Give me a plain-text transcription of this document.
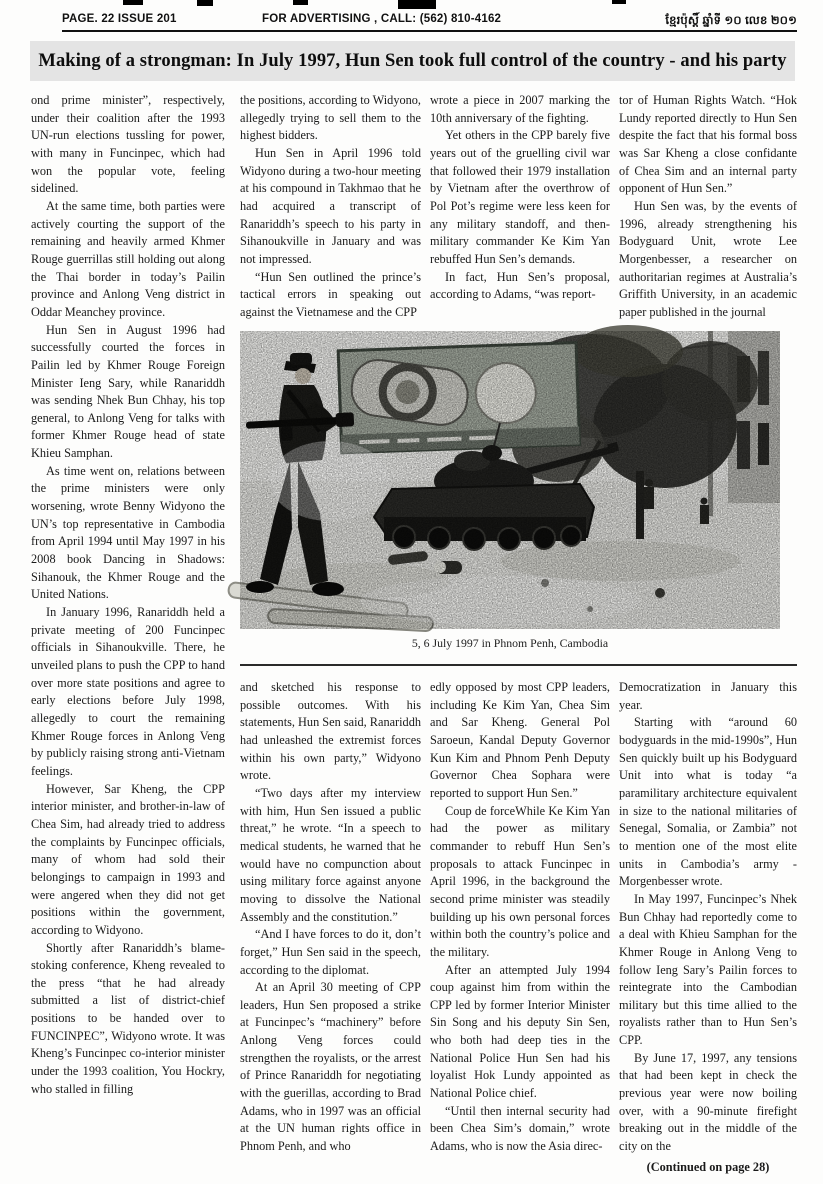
PAGE. 22 ISSUE 201	FOR ADVERTISING , CALL: (562) 810-4162	ខ្មែរប៉ុស្តិ៍ ឆ្នាំទី ១០ លេខ ២០១
Making of a strongman: In July 1997, Hun Sen took full control of the country - and his party

ond prime minister”, respectively, under their coalition after the 1993 UN-run elections tussling for power, with many in Funcinpec, which had won the popular vote, feeling sidelined.

At the same time, both parties were actively courting the support of the remaining and heavily armed Khmer Rouge guerrillas still holding out along the Thai border in today’s Pailin province and Anlong Veng district in Oddar Meanchey province.

Hun Sen in August 1996 had successfully courted the forces in Pailin led by Khmer Rouge Foreign Minister Ieng Sary, while Ranariddh was sending Nhek Bun Chhay, his top general, to Anlong Veng for talks with former Khmer Rouge head of state Khieu Samphan.

As time went on, relations between the prime ministers were only worsening, wrote Benny Widyono the UN’s top representative in Cambodia from April 1994 until May 1997 in his 2008 book Dancing in Shadows: Sihanouk, the Khmer Rouge and the United Nations.

In January 1996, Ranariddh held a private meeting of 200 Funcinpec officials in Sihanoukville. There, he unveiled plans to push the CPP to hand over more state positions and agree to early elections before July 1998, allegedly to court the remaining Khmer Rouge forces in Anlong Veng by publicly raising strong anti-Vietnam feelings.

However, Sar Kheng, the CPP interior minister, and brother-in-law of Chea Sim, had already tried to address the complaints by Funcinpec officials, many of whom had sold their belongings to campaign in 1993 and were angered when they did not get positions within the government, according to Widyono.

Shortly after Ranariddh’s blame-stoking conference, Kheng revealed to the press “that he had already submitted a list of district-chief positions to be handed over to FUNCINPEC”, Widyono wrote. It was Kheng’s Funcinpec co-interior minister under the 1993 coalition, You Hockry, who stalled in filling

the positions, according to Widyono, allegedly trying to sell them to the highest bidders.

Hun Sen in April 1996 told Widyono during a two-hour meeting at his compound in Takhmao that he had acquired a transcript of Ranariddh’s speech to his party in Sihanoukville in January and was not impressed.

“Hun Sen outlined the prince’s tactical errors in speaking out against the Vietnamese and the CPP

wrote a piece in 2007 marking the 10th anniversary of the fighting.

Yet others in the CPP barely five years out of the gruelling civil war that followed their 1979 installation by Vietnam after the overthrow of Pol Pot’s regime were less keen for any military standoff, and then-military commander Ke Kim Yan rebuffed Hun Sen’s demands.

In fact, Hun Sen’s proposal, according to Adams, “was report-

tor of Human Rights Watch. “Hok Lundy reported directly to Hun Sen despite the fact that his formal boss was Sar Kheng a close confidante of Chea Sim and an internal party opponent of Hun Sen.”

Hun Sen was, by the events of 1996, already strengthening his Bodyguard Unit, wrote Lee Morgenbesser, a researcher on authoritarian regimes at Australia’s Griffith University, in an academic paper published in the journal

5, 6 July 1997 in Phnom Penh, Cambodia

and sketched his response to possible outcomes. With his statements, Hun Sen said, Ranariddh had unleashed the extremist forces within his own party,” Widyono wrote.

“Two days after my interview with him, Hun Sen issued a public threat,” he wrote. “In a speech to medical students, he warned that he would have no compunction about using military force against anyone moving to dissolve the National Assembly and the constitution.”

“And I have forces to do it, don’t forget,” Hun Sen said in the speech, according to the diplomat.

At an April 30 meeting of CPP leaders, Hun Sen proposed a strike at Funcinpec’s “machinery” before Anlong Veng forces could strengthen the royalists, or the arrest of Prince Ranariddh for negotiating with the guerillas, according to Brad Adams, who in 1997 was an official at the UN human rights office in Phnom Penh, and who

edly opposed by most CPP leaders, including Ke Kim Yan, Chea Sim and Sar Kheng. General Pol Saroeun, Kandal Deputy Governor Kun Kim and Phnom Penh Deputy Governor Chea Sophara were reported to support Hun Sen.”

Coup de forceWhile Ke Kim Yan had the power as military commander to rebuff Hun Sen’s proposals to attack Funcinpec in April 1996, in the background the second prime minister was steadily building up his own personal forces within both the country’s police and the military.

After an attempted July 1994 coup against him from within the CPP led by former Interior Minister Sin Song and his deputy Sin Sen, who both had deep ties in the National Police Hun Sen had his loyalist Hok Lundy appointed as National Police chief.

“Until then internal security had been Chea Sim’s domain,” wrote Adams, who is now the Asia direc-

Democratization in January this year.

Starting with “around 60 bodyguards in the mid-1990s”, Hun Sen quickly built up his Bodyguard Unit into what is today “a paramilitary architecture equivalent in size to the national militaries of Senegal, Somalia, or Zambia” not to mention one of the most elite units in Cambodia’s army - Morgenbesser wrote.

In May 1997, Funcinpec’s Nhek Bun Chhay had reportedly come to a deal with Khieu Samphan for the Khmer Rouge in Anlong Veng to follow Ieng Sary’s Pailin forces to reintegrate into the Cambodian military but this time allied to the royalists rather than to Hun Sen’s CPP.

By June 17, 1997, any tensions that had been kept in check the previous year were now boiling over, with a 90-minute firefight breaking out in the middle of the city on the

(Continued on page 28)
